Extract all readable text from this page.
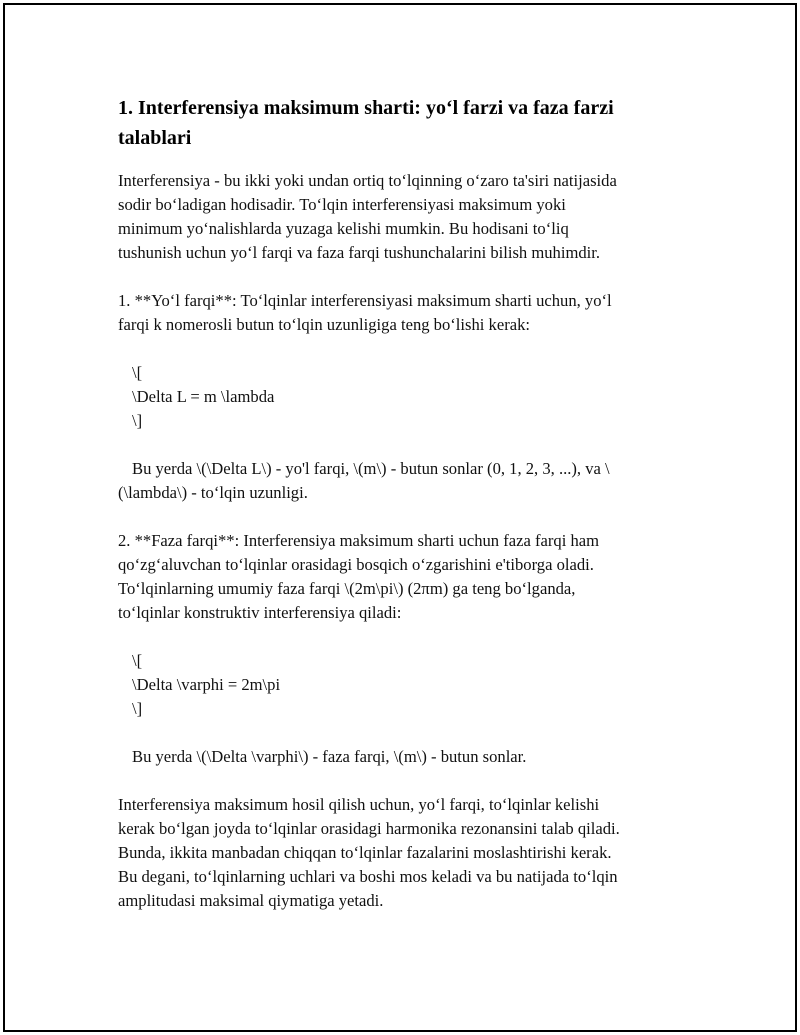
1. Interferensiya maksimum sharti: yo‘l farzi va faza farzi talablari

Interferensiya - bu ikki yoki undan ortiq to‘lqinning o‘zaro ta'siri natijasida
sodir bo‘ladigan hodisadir. To‘lqin interferensiyasi maksimum yoki
minimum yo‘nalishlarda yuzaga kelishi mumkin. Bu hodisani to‘liq
tushunish uchun yo‘l farqi va faza farqi tushunchalarini bilish muhimdir.

1. **Yo‘l farqi**: To‘lqinlar interferensiyasi maksimum sharti uchun, yo‘l
farqi k nomerosli butun to‘lqin uzunligiga teng bo‘lishi kerak:

\[
\Delta L = m \lambda
\]

Bu yerda \(\Delta L\) - yo'l farqi, \(m\) - butun sonlar (0, 1, 2, 3, ...), va \
(\lambda\) - to‘lqin uzunligi.

2. **Faza farqi**: Interferensiya maksimum sharti uchun faza farqi ham
qo‘zg‘aluvchan to‘lqinlar orasidagi bosqich o‘zgarishini e'tiborga oladi.
To‘lqinlarning umumiy faza farqi \(2m\pi\) (2πm) ga teng bo‘lganda,
to‘lqinlar konstruktiv interferensiya qiladi:

\[
\Delta \varphi = 2m\pi
\]

Bu yerda \(\Delta \varphi\) - faza farqi, \(m\) - butun sonlar.

Interferensiya maksimum hosil qilish uchun, yo‘l farqi, to‘lqinlar kelishi
kerak bo‘lgan joyda to‘lqinlar orasidagi harmonika rezonansini talab qiladi.
Bunda, ikkita manbadan chiqqan to‘lqinlar fazalarini moslashtirishi kerak.
Bu degani, to‘lqinlarning uchlari va boshi mos keladi va bu natijada to‘lqin
amplitudasi maksimal qiymatiga yetadi.
